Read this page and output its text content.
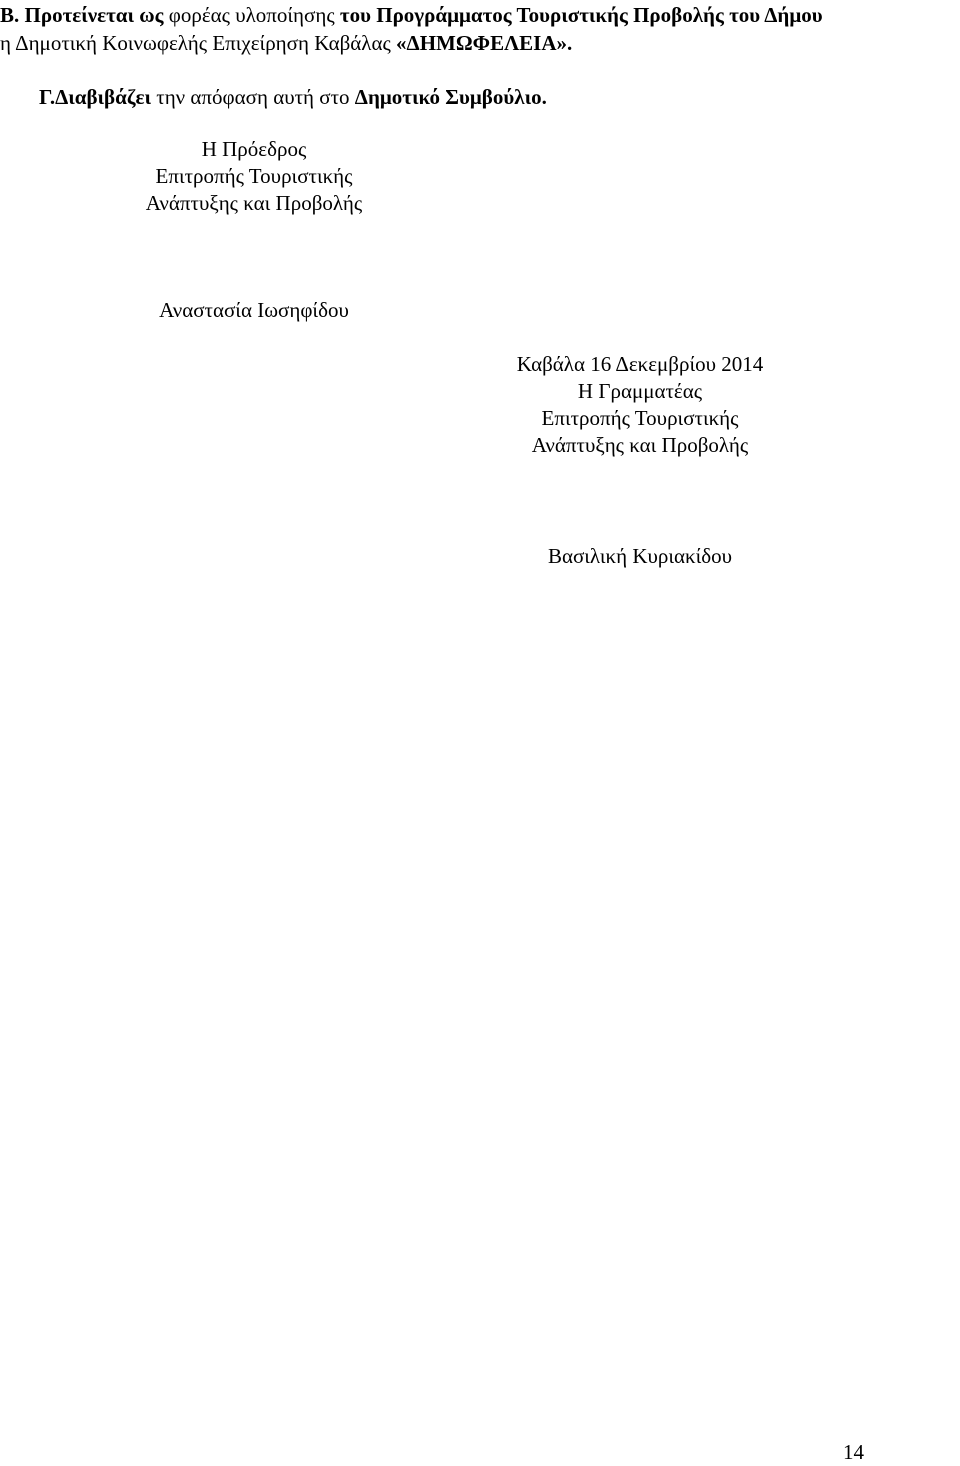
Β. Προτείνεται ως φορέας υλοποίησης του Προγράμματος Τουριστικής Προβολής του Δήμου
η Δημοτική Κοινωφελής Επιχείρηση Καβάλας «ΔΗΜΩΦΕΛΕΙΑ».
Γ.Διαβιβάζει την απόφαση αυτή στο Δημοτικό Συμβούλιο.
Η Πρόεδρος
Επιτροπής Τουριστικής
Ανάπτυξης και Προβολής
Αναστασία Ιωσηφίδου
Καβάλα 16 Δεκεμβρίου 2014
Η Γραμματέας
Επιτροπής Τουριστικής
Ανάπτυξης και Προβολής
Βασιλική Κυριακίδου
14
